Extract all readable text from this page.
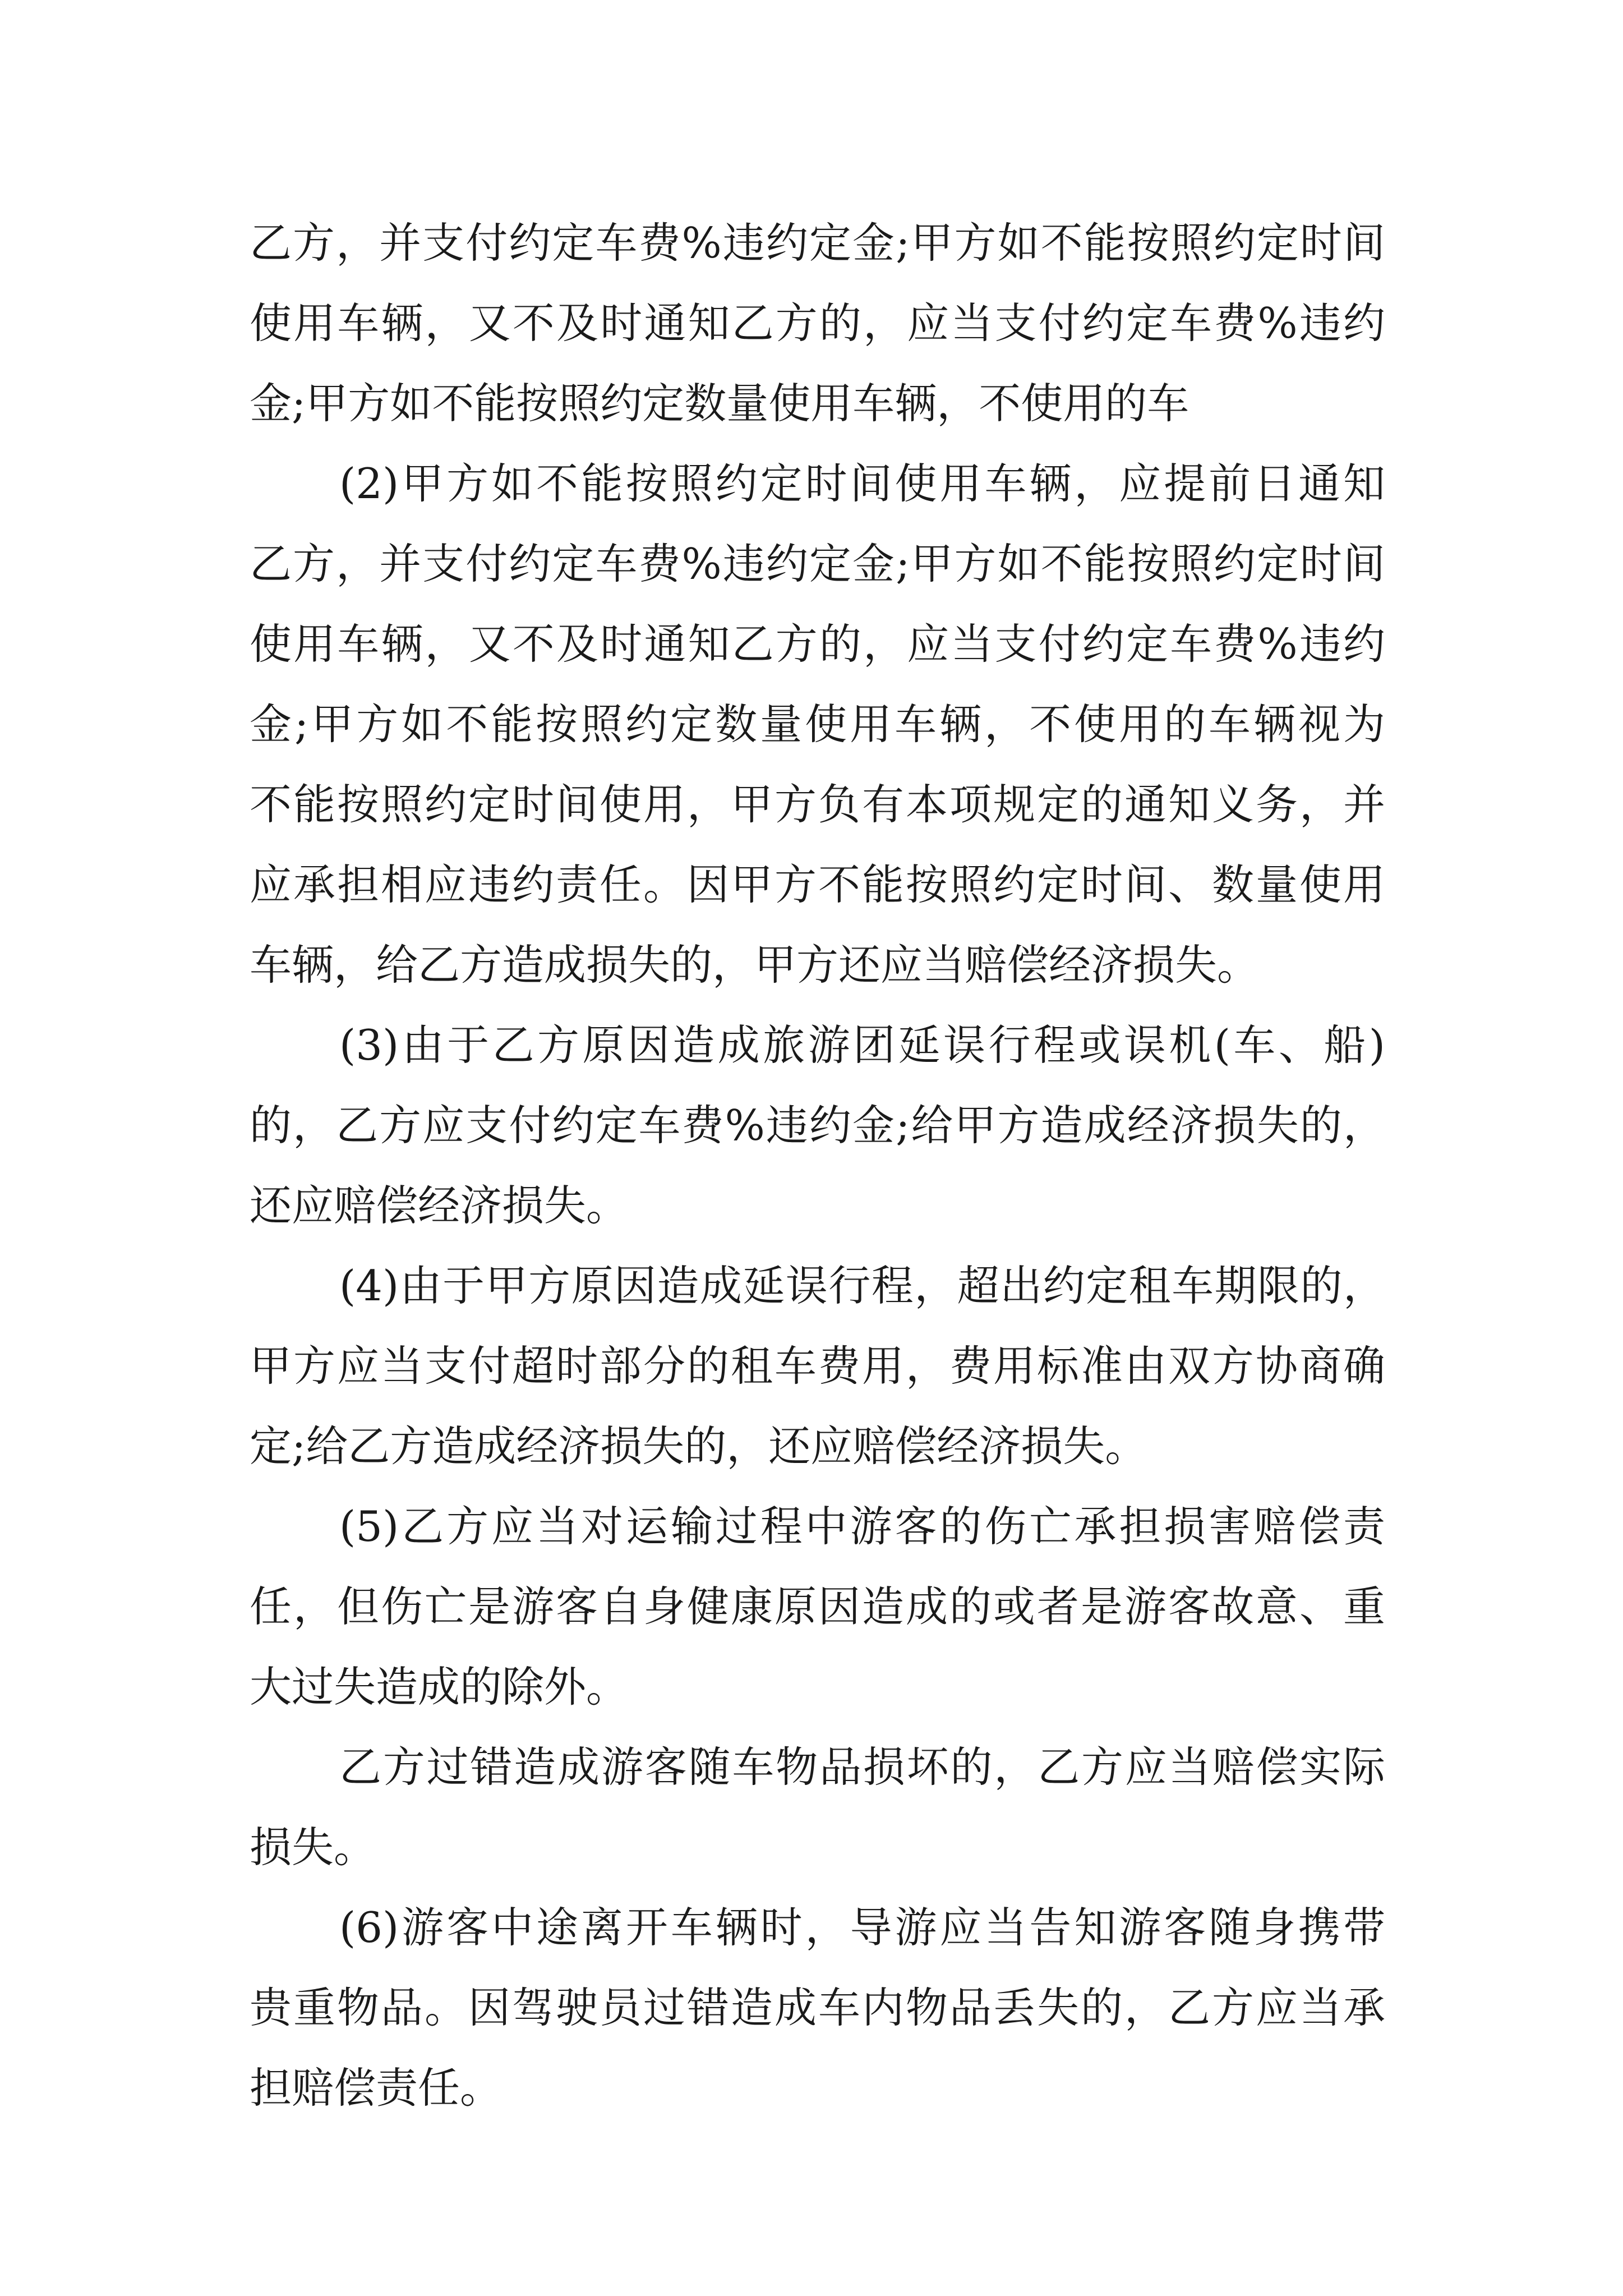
乙方，并支付约定车费%违约定金;甲方如不能按照约定时间
使用车辆，又不及时通知乙方的，应当支付约定车费%违约
金;甲方如不能按照约定数量使用车辆，不使用的车
(2)甲方如不能按照约定时间使用车辆，应提前日通知
乙方，并支付约定车费%违约定金;甲方如不能按照约定时间
使用车辆，又不及时通知乙方的，应当支付约定车费%违约
金;甲方如不能按照约定数量使用车辆，不使用的车辆视为
不能按照约定时间使用，甲方负有本项规定的通知义务，并
应承担相应违约责任。因甲方不能按照约定时间、数量使用
车辆，给乙方造成损失的，甲方还应当赔偿经济损失。
(3)由于乙方原因造成旅游团延误行程或误机(车、船)
的，乙方应支付约定车费%违约金;给甲方造成经济损失的，
还应赔偿经济损失。
(4)由于甲方原因造成延误行程，超出约定租车期限的，
甲方应当支付超时部分的租车费用，费用标准由双方协商确
定;给乙方造成经济损失的，还应赔偿经济损失。
(5)乙方应当对运输过程中游客的伤亡承担损害赔偿责
任，但伤亡是游客自身健康原因造成的或者是游客故意、重
大过失造成的除外。
乙方过错造成游客随车物品损坏的，乙方应当赔偿实际
损失。
(6)游客中途离开车辆时，导游应当告知游客随身携带
贵重物品。因驾驶员过错造成车内物品丢失的，乙方应当承
担赔偿责任。
